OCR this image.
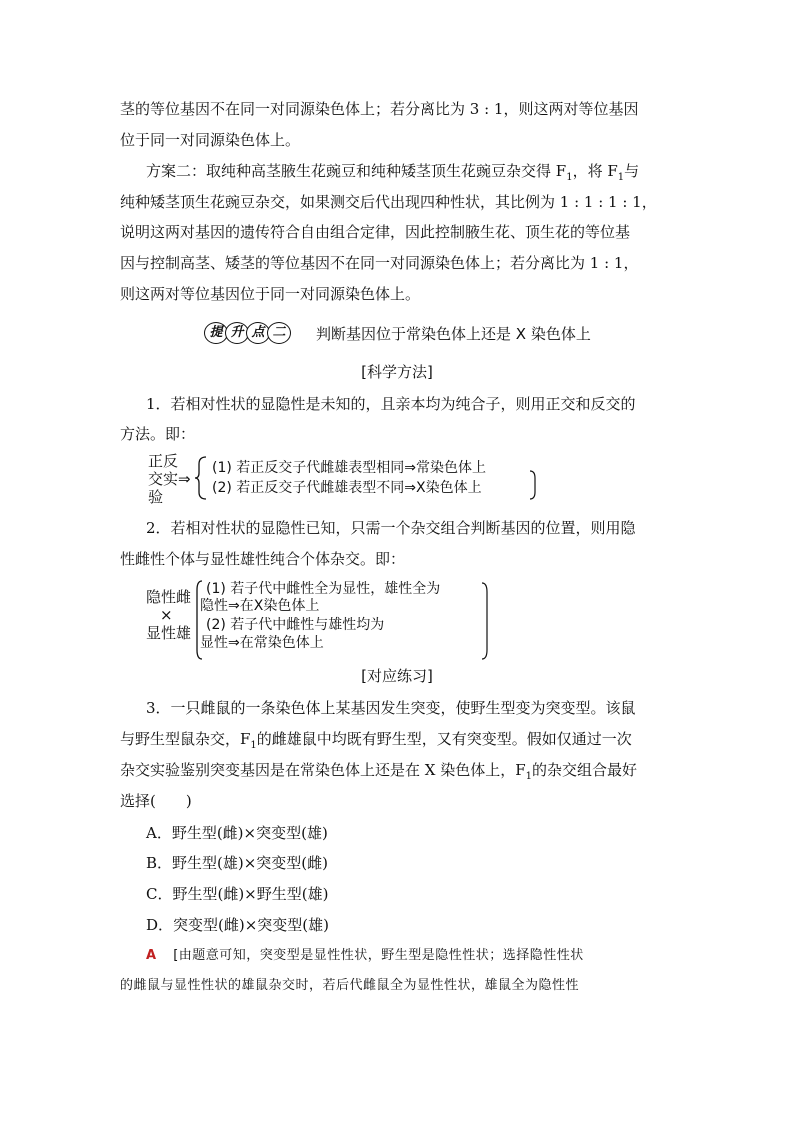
茎的等位基因不在同一对同源染色体上；若分离比为 3 : 1，则这两对等位基因
位于同一对同源染色体上。
方案二：取纯种高茎腋生花豌豆和纯种矮茎顶生花豌豆杂交得 $F_1$，将 $F_1$与
纯种矮茎顶生花豌豆杂交，如果测交后代出现四种性状，其比例为 1 : 1 : 1 : 1，
说明这两对基因的遗传符合自由组合定律，因此控制腋生花、顶生花的等位基
因与控制高茎、矮茎的等位基因不在同一对同源染色体上；若分离比为 1 : 1，
则这两对等位基因位于同一对同源染色体上。
提 升 点 二	判断基因位于常染色体上还是 X 染色体上
[科学方法]
1．若相对性状的显隐性是未知的，且亲本均为纯合子，则用正交和反交的
方法。即：
正反
交实⇒
验
(1) 若正反交子代雌雄表型相同⇒常染色体上
(2) 若正反交子代雌雄表型不同⇒X染色体上
2．若相对性状的显隐性已知，只需一个杂交组合判断基因的位置，则用隐
性雌性个体与显性雄性纯合个体杂交。即：
隐性雌
×
显性雄
(1) 若子代中雌性全为显性，雄性全为
隐性⇒在X染色体上
(2) 若子代中雌性与雄性均为
显性⇒在常染色体上
[对应练习]
3．一只雌鼠的一条染色体上某基因发生突变，使野生型变为突变型。该鼠
与野生型鼠杂交，$F_1$的雌雄鼠中均既有野生型，又有突变型。假如仅通过一次
杂交实验鉴别突变基因是在常染色体上还是在 X 染色体上，$F_1$的杂交组合最好
选择(　　)
A．野生型(雌)×突变型(雄)
B．野生型(雄)×突变型(雌)
C．野生型(雌)×野生型(雄)
D．突变型(雌)×突变型(雄)
A [由题意可知，突变型是显性性状，野生型是隐性性状；选择隐性性状
的雌鼠与显性性状的雄鼠杂交时，若后代雌鼠全为显性性状，雄鼠全为隐性性
